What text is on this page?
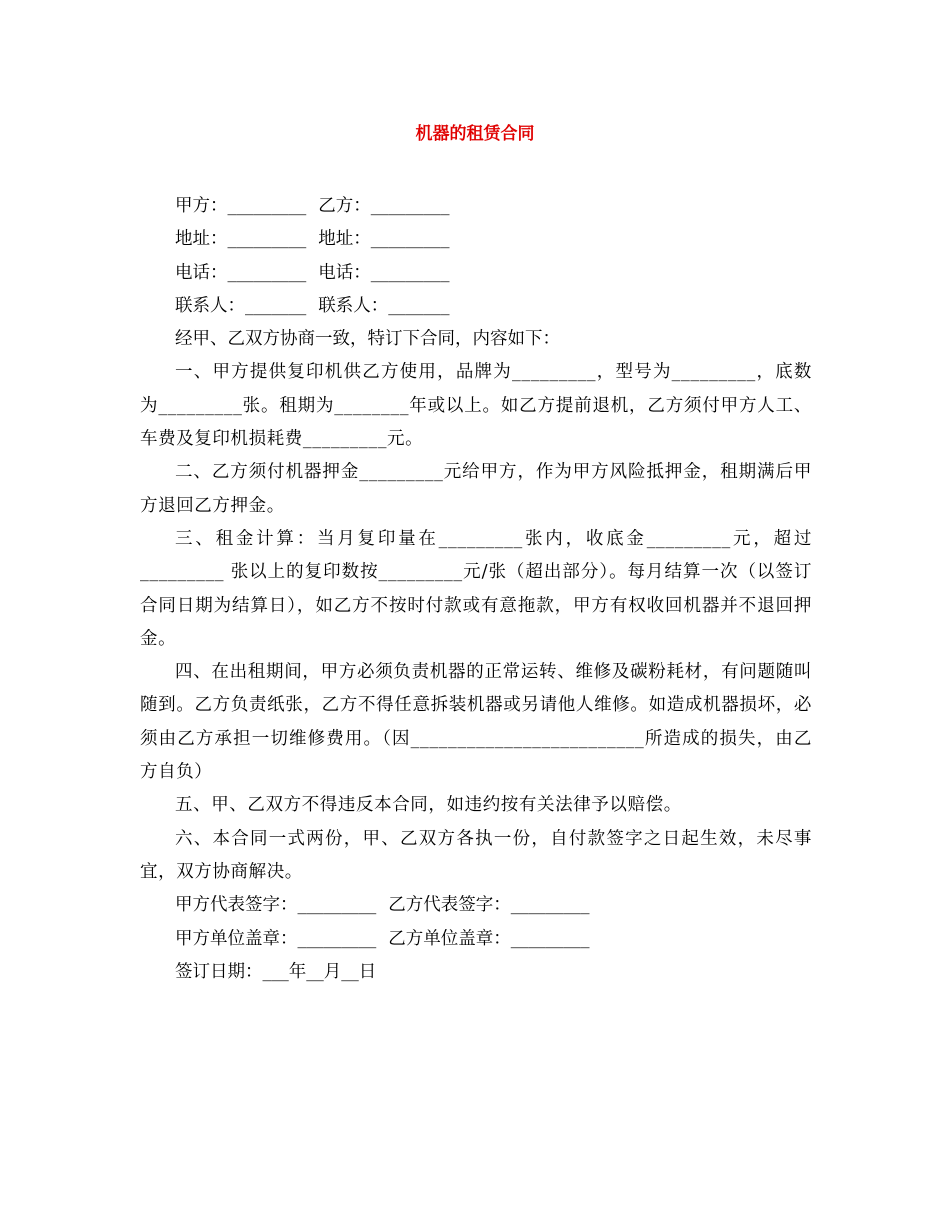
机器的租赁合同
甲方：_________ 乙方：_________
地址：_________ 地址：_________
电话：_________ 电话：_________
联系人：_______ 联系人：_______
经甲、乙双方协商一致，特订下合同，内容如下：
一、甲方提供复印机供乙方使用，品牌为_________，型号为_________，底数为_________张。租期为________年或以上。如乙方提前退机，乙方须付甲方人工、车费及复印机损耗费_________元。
二、乙方须付机器押金_________元给甲方，作为甲方风险抵押金，租期满后甲方退回乙方押金。
三、租金计算：当月复印量在_________张内，收底金_________元，超过_________ 张以上的复印数按_________元/张（超出部分）。每月结算一次（以签订合同日期为结算日），如乙方不按时付款或有意拖款，甲方有权收回机器并不退回押金。
四、在出租期间，甲方必须负责机器的正常运转、维修及碳粉耗材，有问题随叫随到。乙方负责纸张，乙方不得任意拆装机器或另请他人维修。如造成机器损坏，必须由乙方承担一切维修费用。（因_________________________所造成的损失，由乙方自负）
五、甲、乙双方不得违反本合同，如违约按有关法律予以赔偿。
六、本合同一式两份，甲、乙双方各执一份，自付款签字之日起生效，未尽事宜，双方协商解决。
甲方代表签字：_________ 乙方代表签字：_________
甲方单位盖章：_________ 乙方单位盖章：_________
签订日期：___年__月__日
